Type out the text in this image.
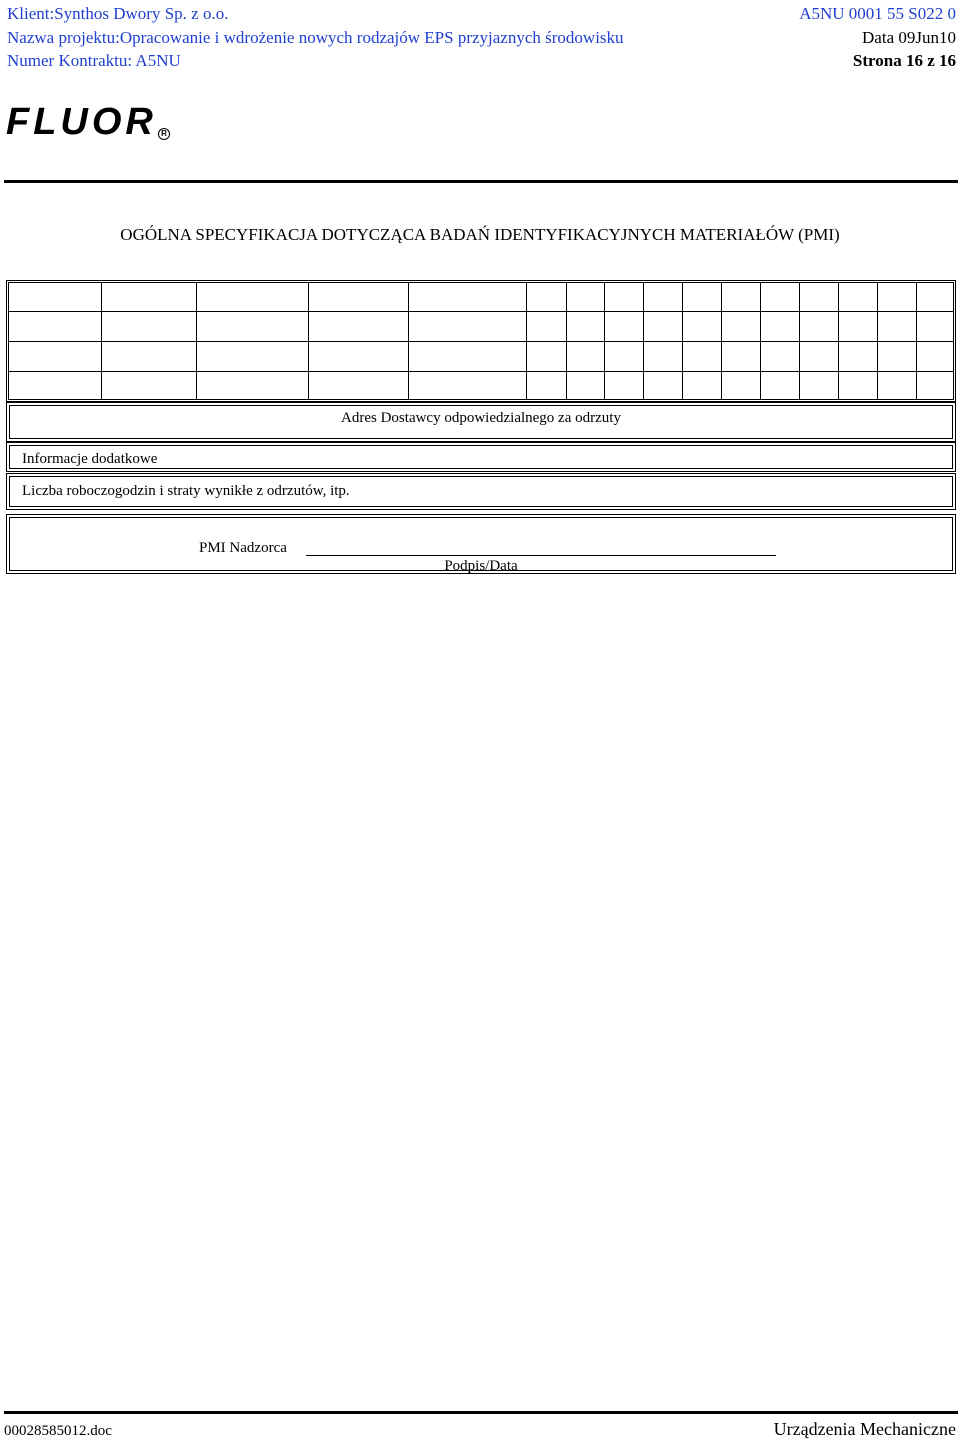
Klient:Synthos Dwory Sp. z o.o.	A5NU 0001 55 S022 0
Nazwa projektu:Opracowanie i wdrożenie nowych rodzajów EPS przyjaznych środowisku	Data 09Jun10
Numer Kontraktu: A5NU	Strona 16 z 16
FLUOR R
OGÓLNA SPECYFIKACJA DOTYCZĄCA BADAŃ IDENTYFIKACYJNYCH MATERIAŁÓW (PMI)
Adres Dostawcy odpowiedzialnego za odrzuty
Informacje dodatkowe
Liczba roboczogodzin i straty wynikłe z odrzutów, itp.
PMI Nadzorca
Podpis/Data
00028585012.doc	Urządzenia Mechaniczne
